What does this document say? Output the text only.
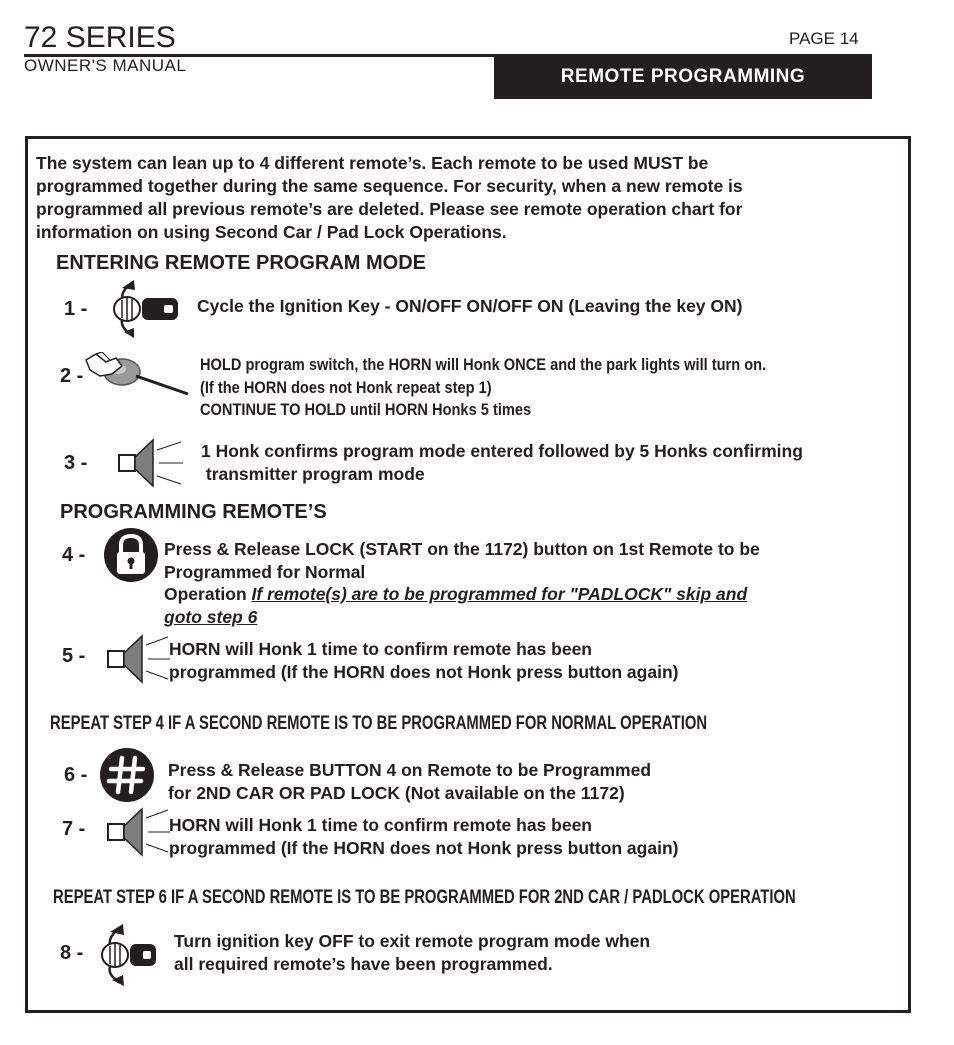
72 SERIES
OWNER'S MANUAL
PAGE 14
REMOTE PROGRAMMING
The system can lean up to 4 different remote’s. Each remote to be used MUST be
programmed together during the same sequence. For security, when a new remote is
programmed all previous remote’s are deleted. Please see remote operation chart for
information on using Second Car / Pad Lock Operations.
ENTERING REMOTE PROGRAM MODE
1 -	Cycle the Ignition Key - ON/OFF ON/OFF ON (Leaving the key ON)
2 -
HOLD program switch, the HORN will Honk ONCE and the park lights will turn on.
(If the HORN does not Honk repeat step 1)
CONTINUE TO HOLD until HORN Honks 5 times
3 -
1 Honk confirms program mode entered followed by 5 Honks confirming
transmitter program mode
PROGRAMMING REMOTE’S
4 -	Press & Release LOCK (START on the 1172) button on 1st Remote to be
Programmed for Normal
Operation If remote(s) are to be programmed for "PADLOCK" skip and
goto step 6
5 -	HORN will Honk 1 time to confirm remote has been
programmed (If the HORN does not Honk press button again)
REPEAT STEP 4 IF A SECOND REMOTE IS TO BE PROGRAMMED FOR NORMAL OPERATION
6 -	Press & Release BUTTON 4 on Remote to be Programmed
for 2ND CAR OR PAD LOCK (Not available on the 1172)
7 -	HORN will Honk 1 time to confirm remote has been
programmed (If the HORN does not Honk press button again)
REPEAT STEP 6 IF A SECOND REMOTE IS TO BE PROGRAMMED FOR 2ND CAR / PADLOCK OPERATION
8 -
Turn ignition key OFF to exit remote program mode when
all required remote’s have been programmed.
